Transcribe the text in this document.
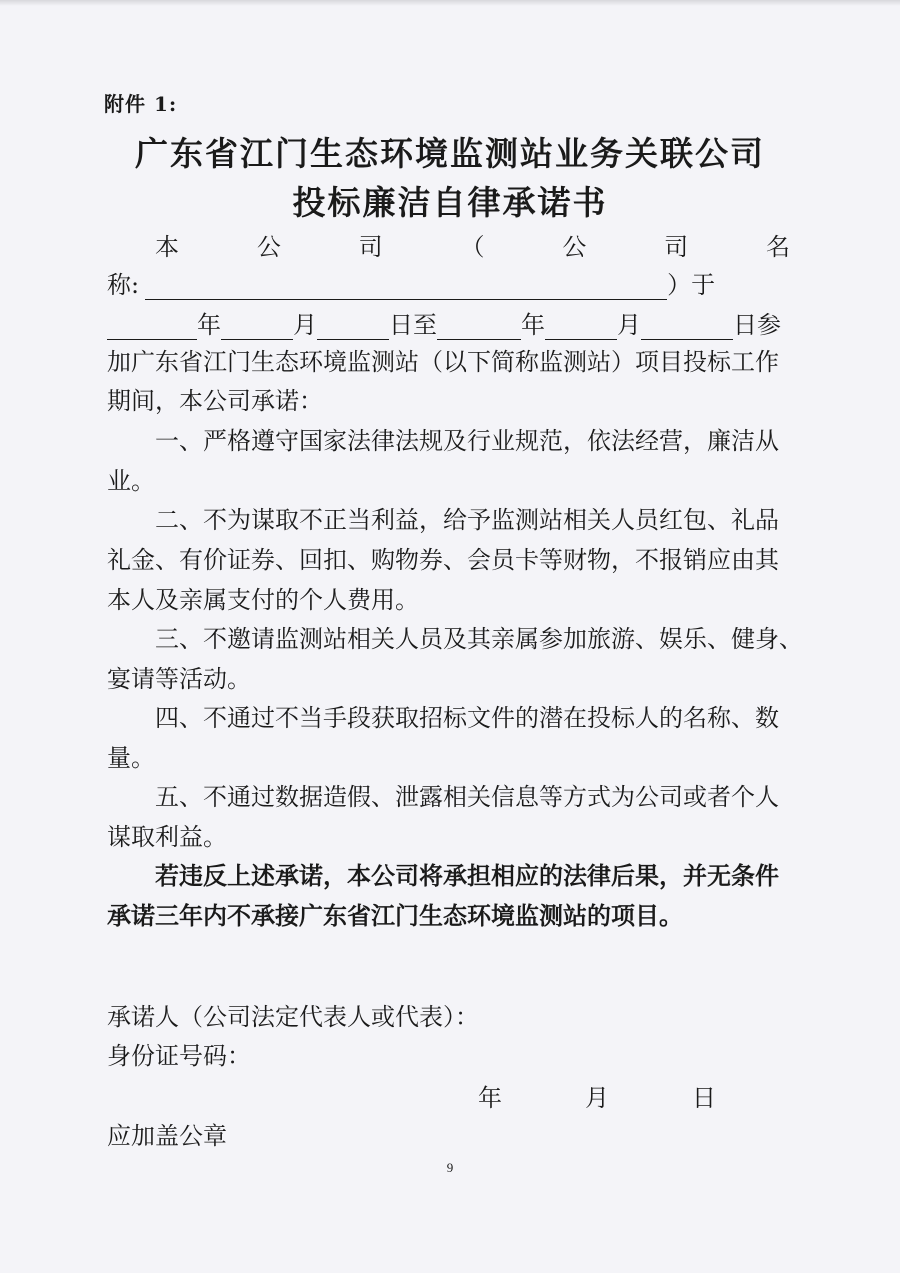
附件 1:
广东省江门生态环境监测站业务关联公司
投标廉洁自律承诺书
本	公	司	（	公	司	名
称:	）于
年	月	日至	年	月	日参
加广东省江门生态环境监测站（以下简称监测站）项目投标工作
期间，本公司承诺：
一、严格遵守国家法律法规及行业规范，依法经营，廉洁从
业。
二、不为谋取不正当利益，给予监测站相关人员红包、礼品
礼金、有价证券、回扣、购物券、会员卡等财物，不报销应由其
本人及亲属支付的个人费用。
三、不邀请监测站相关人员及其亲属参加旅游、娱乐、健身、
宴请等活动。
四、不通过不当手段获取招标文件的潜在投标人的名称、数
量。
五、不通过数据造假、泄露相关信息等方式为公司或者个人
谋取利益。
若违反上述承诺，本公司将承担相应的法律后果，并无条件
承诺三年内不承接广东省江门生态环境监测站的项目。
承诺人（公司法定代表人或代表）：
身份证号码：
年	月	日
应加盖公章
9
